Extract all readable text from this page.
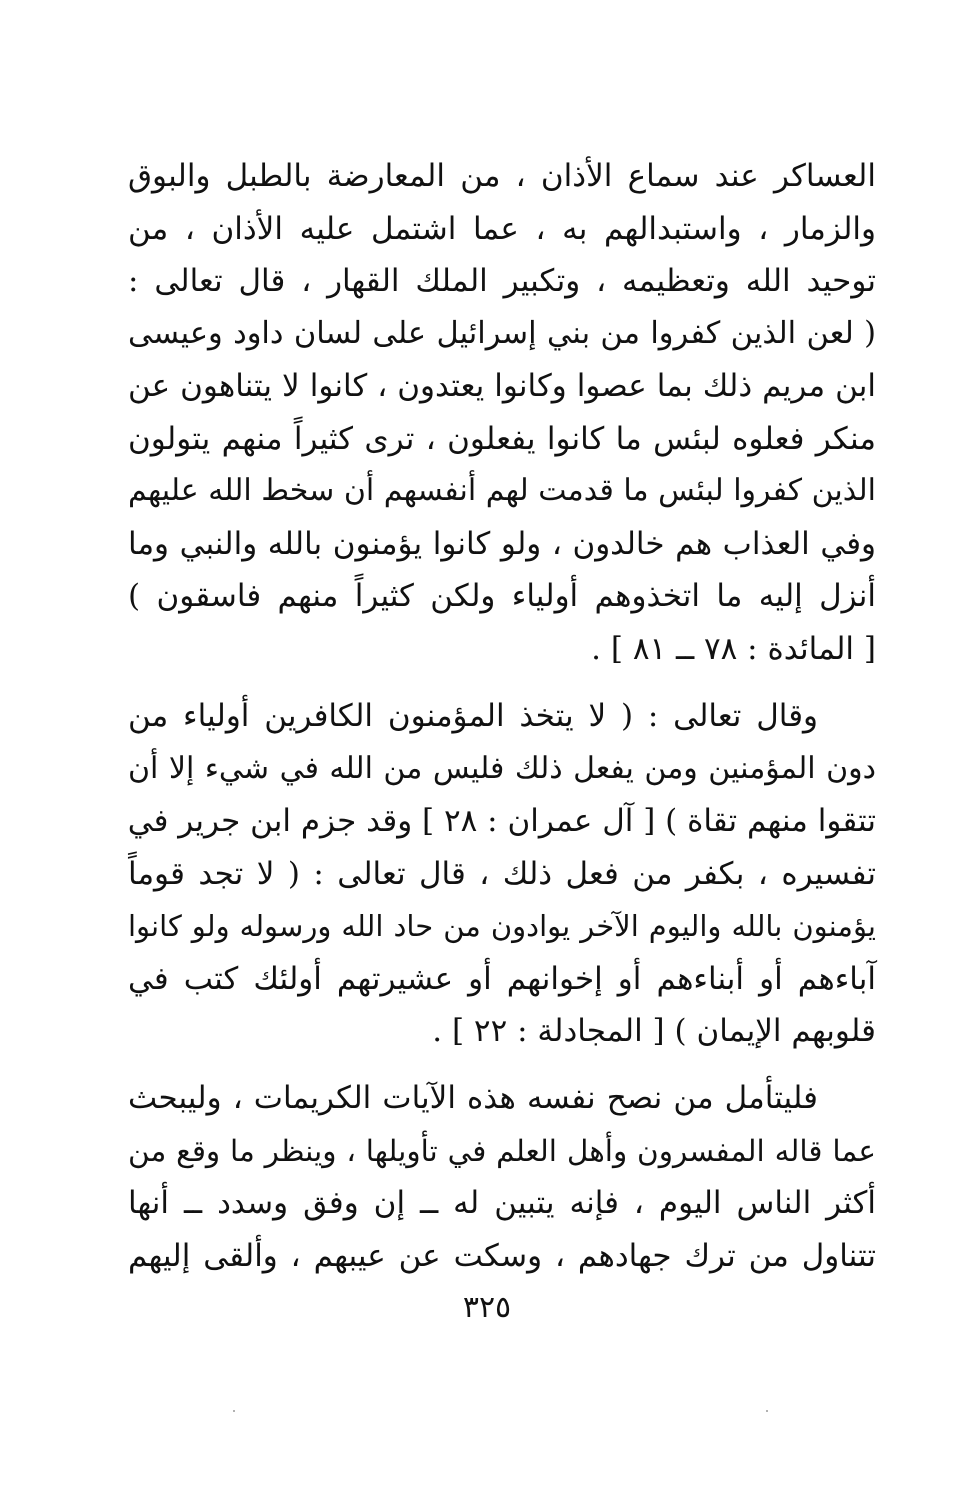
العساكر عند سماع الأذان ، من المعارضة بالطبل والبوق
والزمار ، واستبدالهم به ، عما اشتمل عليه الأذان ، من
توحيد الله وتعظيمه ، وتكبير الملك القهار ، قال تعالى :
( لعن الذين كفروا من بني إسرائيل على لسان داود وعيسى
ابن مريم ذلك بما عصوا وكانوا يعتدون ، كانوا لا يتناهون عن
منكر فعلوه لبئس ما كانوا يفعلون ، ترى كثيراً منهم يتولون
الذين كفروا لبئس ما قدمت لهم أنفسهم أن سخط الله عليهم
وفي العذاب هم خالدون ، ولو كانوا يؤمنون بالله والنبي وما
أنزل إليه ما اتخذوهم أولياء ولكن كثيراً منهم فاسقون )
[ المائدة : ٧٨ ــ ٨١ ] .
وقال تعالى : ( لا يتخذ المؤمنون الكافرين أولياء من
دون المؤمنين ومن يفعل ذلك فليس من الله في شيء إلا أن
تتقوا منهم تقاة ) [ آل عمران : ٢٨ ] وقد جزم ابن جرير في
تفسيره ، بكفر من فعل ذلك ، قال تعالى : ( لا تجد قوماً
يؤمنون بالله واليوم الآخر يوادون من حاد الله ورسوله ولو كانوا
آباءهم أو أبناءهم أو إخوانهم أو عشيرتهم أولئك كتب في
قلوبهم الإيمان ) [ المجادلة : ٢٢ ] .
فليتأمل من نصح نفسه هذه الآيات الكريمات ، وليبحث
عما قاله المفسرون وأهل العلم في تأويلها ، وينظر ما وقع من
أكثر الناس اليوم ، فإنه يتبين له ــ إن وفق وسدد ــ أنها
تتناول من ترك جهادهم ، وسكت عن عيبهم ، وألقى إليهم
٣٢٥
